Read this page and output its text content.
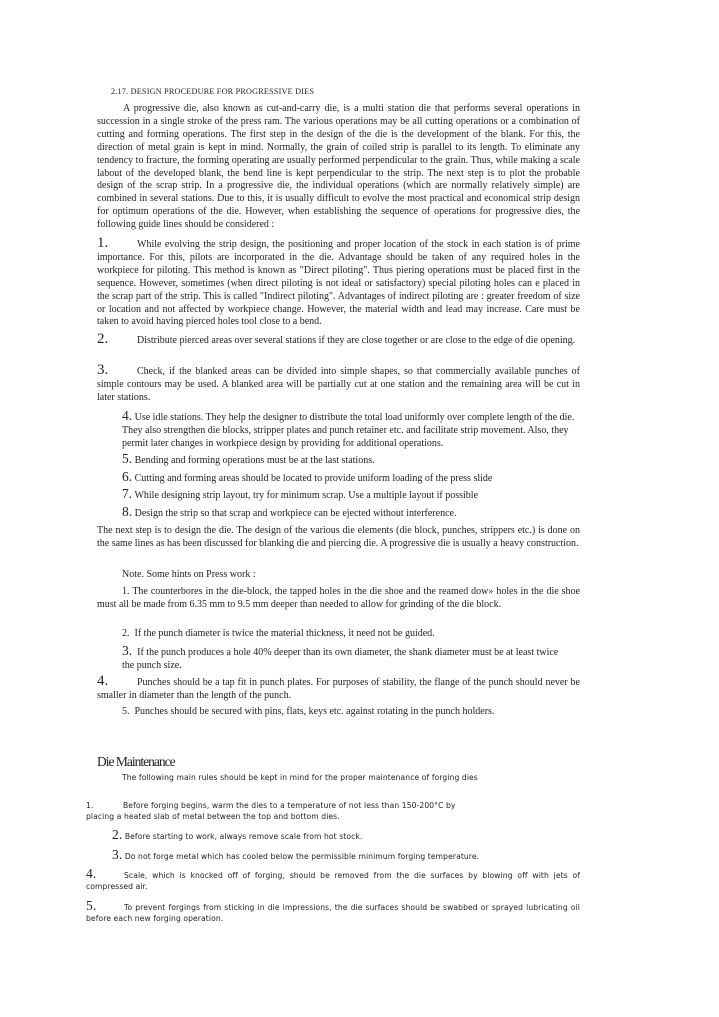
2.17. DESIGN PROCEDURE FOR PROGRESSIVE DIES

A progressive die, also known as cut-and-carry die, is a multi station die that performs several operations in succession in a single stroke of the press ram. The various operations may be all cutting operations or a combination of cutting and forming operations. The first step in the design of the die is the development of the blank. For this, the direction of metal grain is kept in mind. Normally, the grain of coiled strip is parallel to its length. To eliminate any tendency to fracture, the forming operating are usually performed perpendicular to the grain. Thus, while making a scale labout of the developed blank, the bend line is kept perpendicular to the strip. The next step is to plot the probable design of the scrap strip. In a progressive die, the individual operations (which are normally relatively simple) are combined in several stations. Due to this, it is usually difficult to evolve the most practical and economical strip design for optimum operations of the die. However, when establishing the sequence of operations for progressive dies, the following guide lines should be considered :

1.	While evolving the strip design, the positioning and proper location of the stock in each station is of prime importance. For this, pilots are incorporated in the die. Advantage should be taken of any required holes in the workpiece for piloting. This method is known as "Direct piloting". Thus piering operations must be placed first in the sequence. However, sometimes (when direct piloting is not ideal or satisfactory) special piloting holes can e placed in the scrap part of the strip. This is called "Indirect piloting". Advantages of indirect piloting are : greater freedom of size or location and not affected by workpiece change. However, the material width and lead may increase. Care must be taken to avoid having pierced holes tool close to a bend.
2.	Distribute pierced areas over several stations if they are close together or are close to the edge of die opening.
3.	Check, if the blanked areas can be divided into simple shapes, so that commercially available punches of simple contours may be used. A blanked area will be partially cut at one station and the remaining area will be cut in later stations.
4. Use idle stations. They help the designer to distribute the total load uniformly over complete length of the die. They also strengthen die blocks, stripper plates and punch retainer etc. and facilitate strip movement. Also, they permit later changes in workpiece design by providing for additional operations.
5. Bending and forming operations must be at the last stations.
6. Cutting and forming areas should be located to provide uniform loading of the press slide
7. While designing strip layout, try for minimum scrap. Use a multiple layout if possible
8. Design the strip so that scrap and workpiece can be ejected without interference.

The next step is to design the die. The design of the various die elements (die block, punches, strippers etc.) is done on the same lines as has been discussed for blanking die and piercing die. A progressive die is usually a heavy construction.

Note. Some hints on Press work :
1. The counterbores in the die-block, the tapped holes in the die shoe and the reamed dow» holes in the die shoe must all be made from 6.35 mm to 9.5 mm deeper than needed to allow for grinding of the die block.
2. If the punch diameter is twice the material thickness, it need not be guided.
3. If the punch produces a hole 40% deeper than its own diameter, the shank diameter must be at least twice the punch size.
4.	Punches should be a tap fit in punch plates. For purposes of stability, the flange of the punch should never be smaller in diameter than the length of the punch.
5. Punches should be secured with pins, flats, keys etc. against rotating in the punch holders.
Die Maintenance
The following main rules should be kept in mind for the proper maintenance of forging dies
1.	Before forging begins, warm the dies to a temperature of not less than 150-200°C by placing a heated slab of metal between the top and bottom dies.
2. Before starting to work, always remove scale from hot stock.
3. Do not forge metal which has cooled below the permissible minimum forging temperature.
4.	Scale, which is knocked off of forging, should be removed from the die surfaces by blowing off with jets of compressed air.
5.	To prevent forgings from sticking in die impressions, the die surfaces should be swabbed or sprayed lubricating oil before each new forging operation.
